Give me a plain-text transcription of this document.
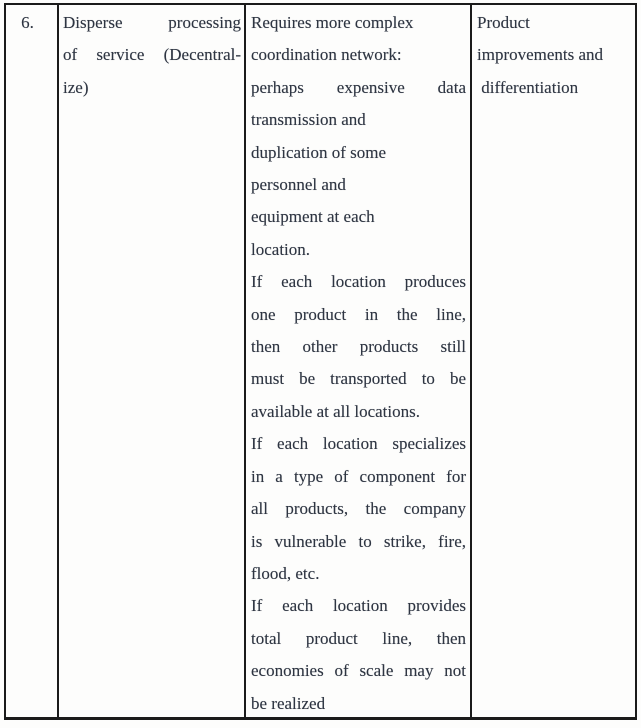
6.	Disperse processing
of service (Decentral-
ize)
Requires more complex
coordination network:
perhaps expensive data
transmission and
duplication of some
personnel and
equipment at each
location.
If each location produces
one product in the line,
then other products still
must be transported to be
available at all locations.
If each location specializes
in a type of component for
all products, the company
is vulnerable to strike, fire,
flood, etc.
If each location provides
total product line, then
economies of scale may not
be realized
Product
improvements and
differentiation
